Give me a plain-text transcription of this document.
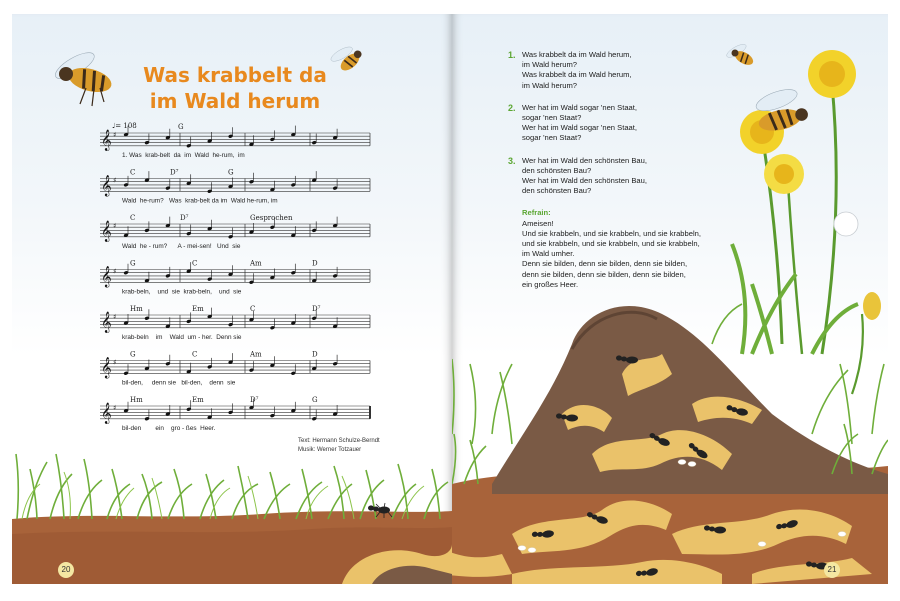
Was krabbelt da
im Wald herum
♩= 108
𝄞 ♯
G
1. Was  krab-belt  da  im  Wald  he-rum,  im
𝄞 ♯
C	D⁷	G
Wald  he-rum?   Was  krab-belt da im  Wald he-rum, im
𝄞 ♯
C	D⁷	Gesprochen
Wald  he - rum?      A - mei-sen!   Und  sie
𝄞 ♯
G	C	Am	D
krab-beln,    und  sie  krab-beln,    und  sie
𝄞 ♯
Hm	Em	C	D⁷
krab-beln    im    Wald  um - her.  Denn sie
𝄞 ♯
G	C	Am	D
bil-den,     denn sie   bil-den,    denn  sie
𝄞 ♯
Hm	Em	D⁷	G
bil-den        ein    gro - ßes  Heer.
Text: Hermann Schulze-Berndt
Musik: Werner Totzauer
20
1. Was krabbelt da im Wald herum,
im Wald herum?
Was krabbelt da im Wald herum,
im Wald herum?
2. Wer hat im Wald sogar 'nen Staat,
sogar 'nen Staat?
Wer hat im Wald sogar 'nen Staat,
sogar 'nen Staat?
3. Wer hat im Wald den schönsten Bau,
den schönsten Bau?
Wer hat im Wald den schönsten Bau,
den schönsten Bau?
Refrain:
Ameisen!
Und sie krabbeln, und sie krabbeln, und sie krabbeln,
und sie krabbeln, und sie krabbeln, und sie krabbeln,
im Wald umher.
Denn sie bilden, denn sie bilden, denn sie bilden,
denn sie bilden, denn sie bilden, denn sie bilden,
ein großes Heer.
21
